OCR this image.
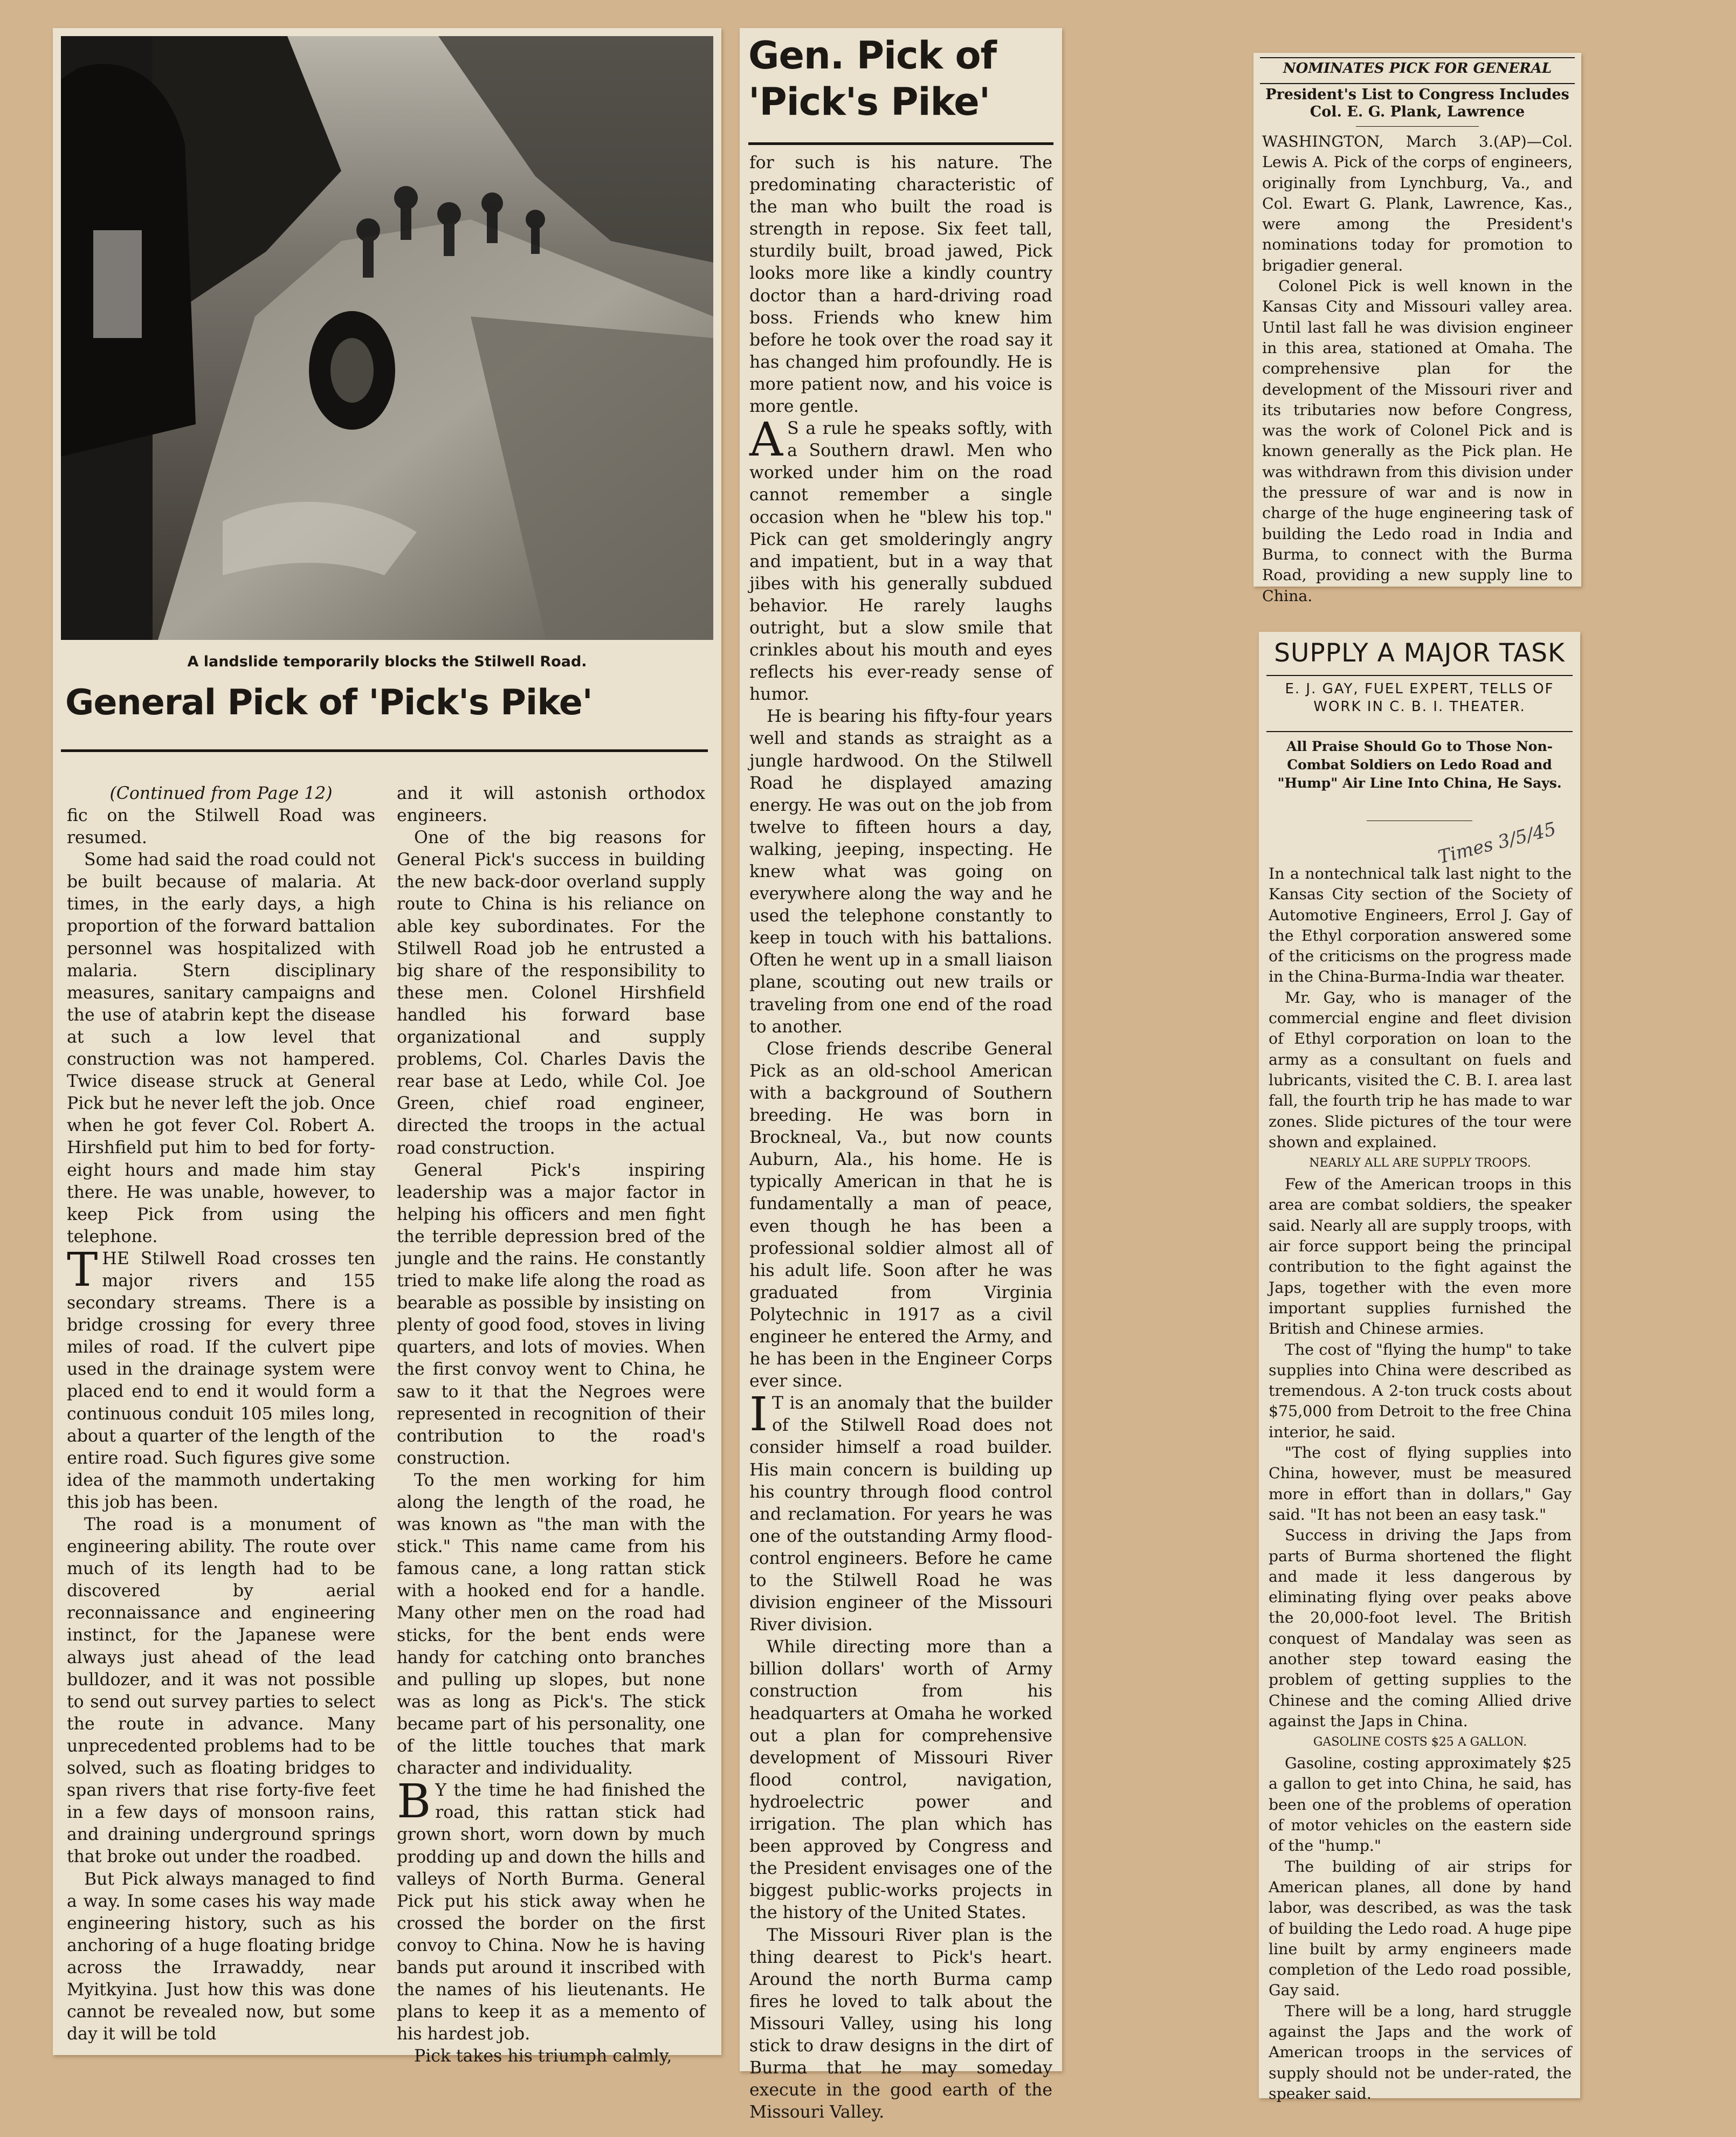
A landslide temporarily blocks the Stilwell Road.
General Pick of 'Pick's Pike'

(Continued from Page 12)

fic on the Stilwell Road was resumed.

Some had said the road could not be built because of malaria. At times, in the early days, a high proportion of the forward battalion personnel was hospitalized with malaria. Stern disciplinary measures, sanitary campaigns and the use of atabrin kept the disease at such a low level that construction was not hampered. Twice disease struck at General Pick but he never left the job. Once when he got fever Col. Robert A. Hirshfield put him to bed for forty-eight hours and made him stay there. He was unable, however, to keep Pick from using the telephone.

THE Stilwell Road crosses ten major rivers and 155 secondary streams. There is a bridge crossing for every three miles of road. If the culvert pipe used in the drainage system were placed end to end it would form a continuous conduit 105 miles long, about a quarter of the length of the entire road. Such figures give some idea of the mammoth undertaking this job has been.

The road is a monument of engineering ability. The route over much of its length had to be discovered by aerial reconnaissance and engineering instinct, for the Japanese were always just ahead of the lead bulldozer, and it was not possible to send out survey parties to select the route in advance. Many unprecedented problems had to be solved, such as floating bridges to span rivers that rise forty-five feet in a few days of monsoon rains, and draining underground springs that broke out under the roadbed.

But Pick always managed to find a way. In some cases his way made engineering history, such as his anchoring of a huge floating bridge across the Irrawaddy, near Myitkyina. Just how this was done cannot be revealed now, but some day it will be told

and it will astonish orthodox engineers.

One of the big reasons for General Pick's success in building the new back-door overland supply route to China is his reliance on able key subordinates. For the Stilwell Road job he entrusted a big share of the responsibility to these men. Colonel Hirshfield handled his forward base organizational and supply problems, Col. Charles Davis the rear base at Ledo, while Col. Joe Green, chief road engineer, directed the troops in the actual road construction.

General Pick's inspiring leadership was a major factor in helping his officers and men fight the terrible depression bred of the jungle and the rains. He constantly tried to make life along the road as bearable as possible by insisting on plenty of good food, stoves in living quarters, and lots of movies. When the first convoy went to China, he saw to it that the Negroes were represented in recognition of their contribution to the road's construction.

To the men working for him along the length of the road, he was known as "the man with the stick." This name came from his famous cane, a long rattan stick with a hooked end for a handle. Many other men on the road had sticks, for the bent ends were handy for catching onto branches and pulling up slopes, but none was as long as Pick's. The stick became part of his personality, one of the little touches that mark character and individuality.

B Y the time he had finished the road, this rattan stick had grown short, worn down by much prodding up and down the hills and valleys of North Burma. General Pick put his stick away when he crossed the border on the first convoy to China. Now he is having bands put around it inscribed with the names of his lieutenants. He plans to keep it as a memento of his hardest job.

Pick takes his triumph calmly,

Gen. Pick of
'Pick's Pike'

for such is his nature. The predominating characteristic of the man who built the road is strength in repose. Six feet tall, sturdily built, broad jawed, Pick looks more like a kindly country doctor than a hard-driving road boss. Friends who knew him before he took over the road say it has changed him profoundly. He is more patient now, and his voice is more gentle.

A S a rule he speaks softly, with a Southern drawl. Men who worked under him on the road cannot remember a single occasion when he "blew his top." Pick can get smolderingly angry and impatient, but in a way that jibes with his generally subdued behavior. He rarely laughs outright, but a slow smile that crinkles about his mouth and eyes reflects his ever-ready sense of humor.

He is bearing his fifty-four years well and stands as straight as a jungle hardwood. On the Stilwell Road he displayed amazing energy. He was out on the job from twelve to fifteen hours a day, walking, jeeping, inspecting. He knew what was going on everywhere along the way and he used the telephone constantly to keep in touch with his battalions. Often he went up in a small liaison plane, scouting out new trails or traveling from one end of the road to another.

Close friends describe General Pick as an old-school American with a background of Southern breeding. He was born in Brockneal, Va., but now counts Auburn, Ala., his home. He is typically American in that he is fundamentally a man of peace, even though he has been a professional soldier almost all of his adult life. Soon after he was graduated from Virginia Polytechnic in 1917 as a civil engineer he entered the Army, and he has been in the Engineer Corps ever since.

I T is an anomaly that the builder of the Stilwell Road does not consider himself a road builder. His main concern is building up his country through flood control and reclamation. For years he was one of the outstanding Army flood-control engineers. Before he came to the Stilwell Road he was division engineer of the Missouri River division.

While directing more than a billion dollars' worth of Army construction from his headquarters at Omaha he worked out a plan for comprehensive development of Missouri River flood control, navigation, hydroelectric power and irrigation. The plan which has been approved by Congress and the President envisages one of the biggest public-works projects in the history of the United States.

The Missouri River plan is the thing dearest to Pick's heart. Around the north Burma camp fires he loved to talk about the Missouri Valley, using his long stick to draw designs in the dirt of Burma that he may someday execute in the good earth of the Missouri Valley.

NOMINATES PICK FOR GENERAL

President's List to Congress Includes Col. E. G. Plank, Lawrence

WASHINGTON, March 3.(AP)—Col. Lewis A. Pick of the corps of engineers, originally from Lynchburg, Va., and Col. Ewart G. Plank, Lawrence, Kas., were among the President's nominations today for promotion to brigadier general.

Colonel Pick is well known in the Kansas City and Missouri valley area. Until last fall he was division engineer in this area, stationed at Omaha. The comprehensive plan for the development of the Missouri river and its tributaries now before Congress, was the work of Colonel Pick and is known generally as the Pick plan. He was withdrawn from this division under the pressure of war and is now in charge of the huge engineering task of building the Ledo road in India and Burma, to connect with the Burma Road, providing a new supply line to China.

SUPPLY A MAJOR TASK

E. J. GAY, FUEL EXPERT, TELLS OF WORK IN C. B. I. THEATER.

All Praise Should Go to Those Non-Combat Soldiers on Ledo Road and "Hump" Air Line Into China, He Says.

Times 3/5/45

In a nontechnical talk last night to the Kansas City section of the Society of Automotive Engineers, Errol J. Gay of the Ethyl corporation answered some of the criticisms on the progress made in the China-Burma-India war theater.

Mr. Gay, who is manager of the commercial engine and fleet division of Ethyl corporation on loan to the army as a consultant on fuels and lubricants, visited the C. B. I. area last fall, the fourth trip he has made to war zones. Slide pictures of the tour were shown and explained.

NEARLY ALL ARE SUPPLY TROOPS.

Few of the American troops in this area are combat soldiers, the speaker said. Nearly all are supply troops, with air force support being the principal contribution to the fight against the Japs, together with the even more important supplies furnished the British and Chinese armies.

The cost of "flying the hump" to take supplies into China were described as tremendous. A 2-ton truck costs about $75,000 from Detroit to the free China interior, he said.

"The cost of flying supplies into China, however, must be measured more in effort than in dollars," Gay said. "It has not been an easy task."

Success in driving the Japs from parts of Burma shortened the flight and made it less dangerous by eliminating flying over peaks above the 20,000-foot level. The British conquest of Mandalay was seen as another step toward easing the problem of getting supplies to the Chinese and the coming Allied drive against the Japs in China.

GASOLINE COSTS $25 A GALLON.

Gasoline, costing approximately $25 a gallon to get into China, he said, has been one of the problems of operation of motor vehicles on the eastern side of the "hump."

The building of air strips for American planes, all done by hand labor, was described, as was the task of building the Ledo road. A huge pipe line built by army engineers made completion of the Ledo road possible, Gay said.

There will be a long, hard struggle against the Japs and the work of American troops in the services of supply should not be under-rated, the speaker said.
